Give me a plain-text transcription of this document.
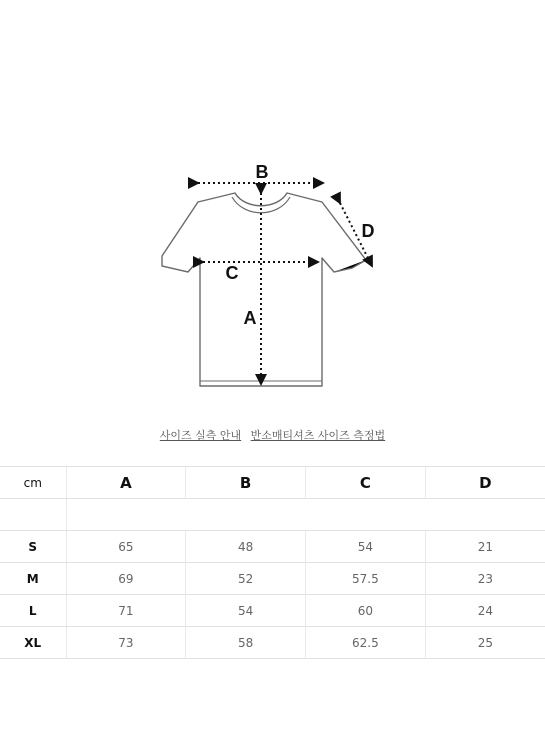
B
A
C
D
사이즈 실측 안내 반소매티셔츠 사이즈 측정법
cm	A	B	C	D

S	65	48	54	21
M	69	52	57.5	23
L	71	54	60	24
XL	73	58	62.5	25
